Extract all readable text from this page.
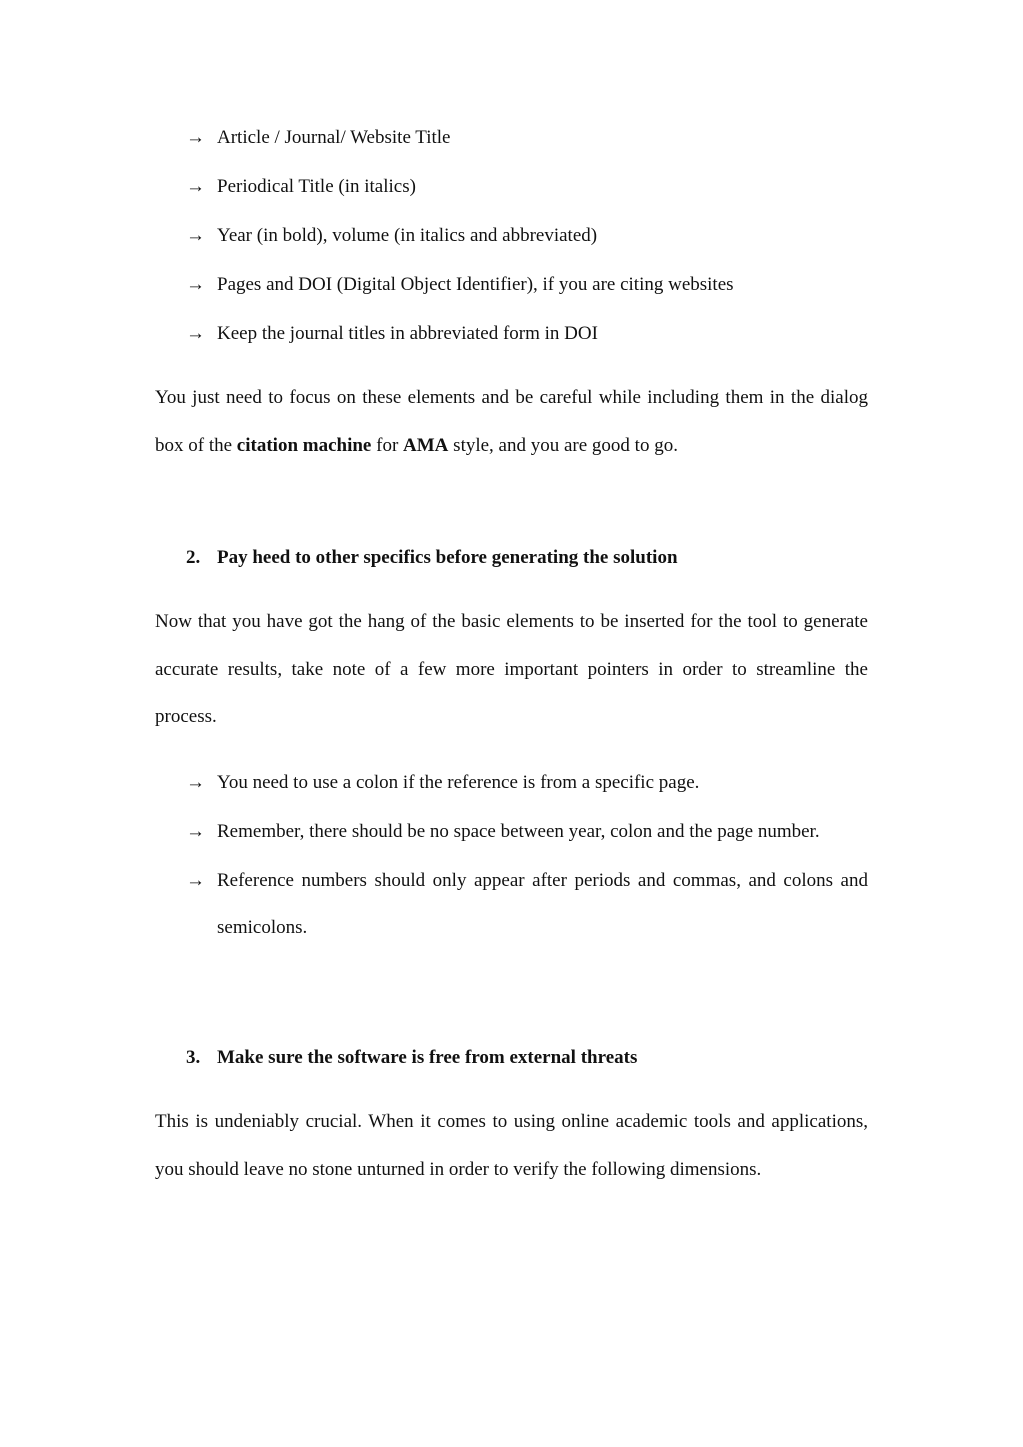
→ Article / Journal/ Website Title
→ Periodical Title (in italics)
→ Year (in bold), volume (in italics and abbreviated)
→ Pages and DOI (Digital Object Identifier), if you are citing websites
→ Keep the journal titles in abbreviated form in DOI
You just need to focus on these elements and be careful while including them in the dialog box of the citation machine for AMA style, and you are good to go.
2. Pay heed to other specifics before generating the solution
Now that you have got the hang of the basic elements to be inserted for the tool to generate accurate results, take note of a few more important pointers in order to streamline the process.
→ You need to use a colon if the reference is from a specific page.
→ Remember, there should be no space between year, colon and the page number.
→ Reference numbers should only appear after periods and commas, and colons and semicolons.
3. Make sure the software is free from external threats
This is undeniably crucial. When it comes to using online academic tools and applications, you should leave no stone unturned in order to verify the following dimensions.
